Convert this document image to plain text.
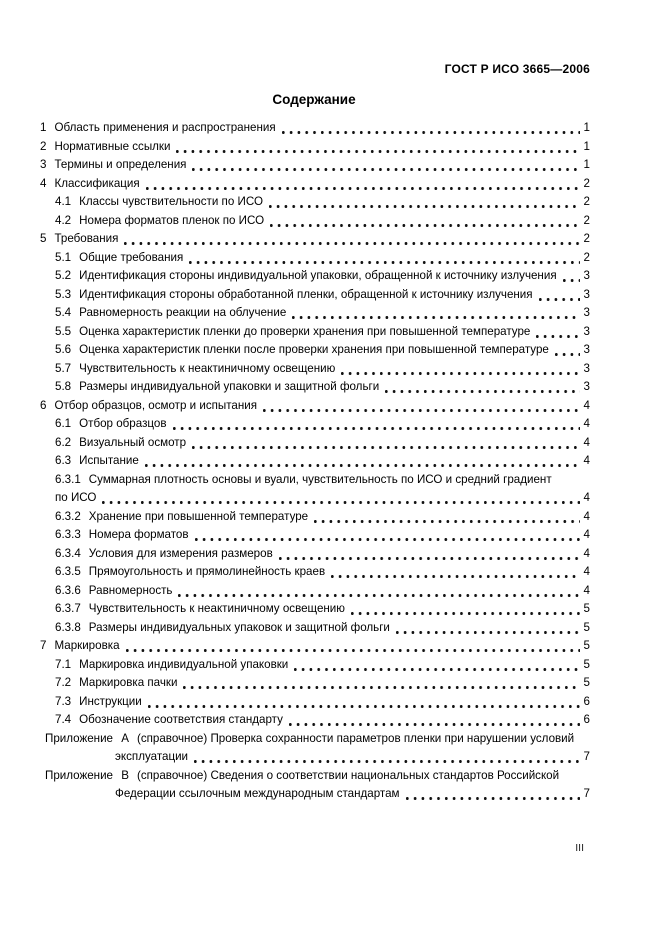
ГОСТ Р ИСО 3665—2006
Содержание
1 Область применения и распространения	1
2 Нормативные ссылки	1
3 Термины и определения	1
4 Классификация	2
4.1 Классы чувствительности по ИСО	2
4.2 Номера форматов пленок по ИСО	2
5 Требования	2
5.1 Общие требования	2
5.2 Идентификация стороны индивидуальной упаковки, обращенной к источнику излучения 3
5.3 Идентификация стороны обработанной пленки, обращенной к источнику излучения	3
5.4 Равномерность реакции на облучение	3
5.5 Оценка характеристик пленки до проверки хранения при повышенной температуре	3
5.6 Оценка характеристик пленки после проверки хранения при повышенной температуре	3
5.7 Чувствительность к неактиничному освещению	3
5.8 Размеры индивидуальной упаковки и защитной фольги	3
6 Отбор образцов, осмотр и испытания	4
6.1 Отбор образцов	4
6.2 Визуальный осмотр	4
6.3 Испытание	4
6.3.1 Суммарная плотность основы и вуали, чувствительность по ИСО и средний градиент
по ИСО	4
6.3.2 Хранение при повышенной температуре	4
6.3.3 Номера форматов	4
6.3.4 Условия для измерения размеров	4
6.3.5 Прямоугольность и прямолинейность краев	4
6.3.6 Равномерность	4
6.3.7 Чувствительность к неактиничному освещению	5
6.3.8 Размеры индивидуальных упаковок и защитной фольги	5
7 Маркировка	5
7.1 Маркировка индивидуальной упаковки	5
7.2 Маркировка пачки	5
7.3 Инструкции	6
7.4 Обозначение соответствия стандарту	6
Приложение А (справочное) Проверка сохранности параметров пленки при нарушении условий
эксплуатации	7
Приложение В (справочное) Сведения о соответствии национальных стандартов Российской
Федерации ссылочным международным стандартам	7
III
